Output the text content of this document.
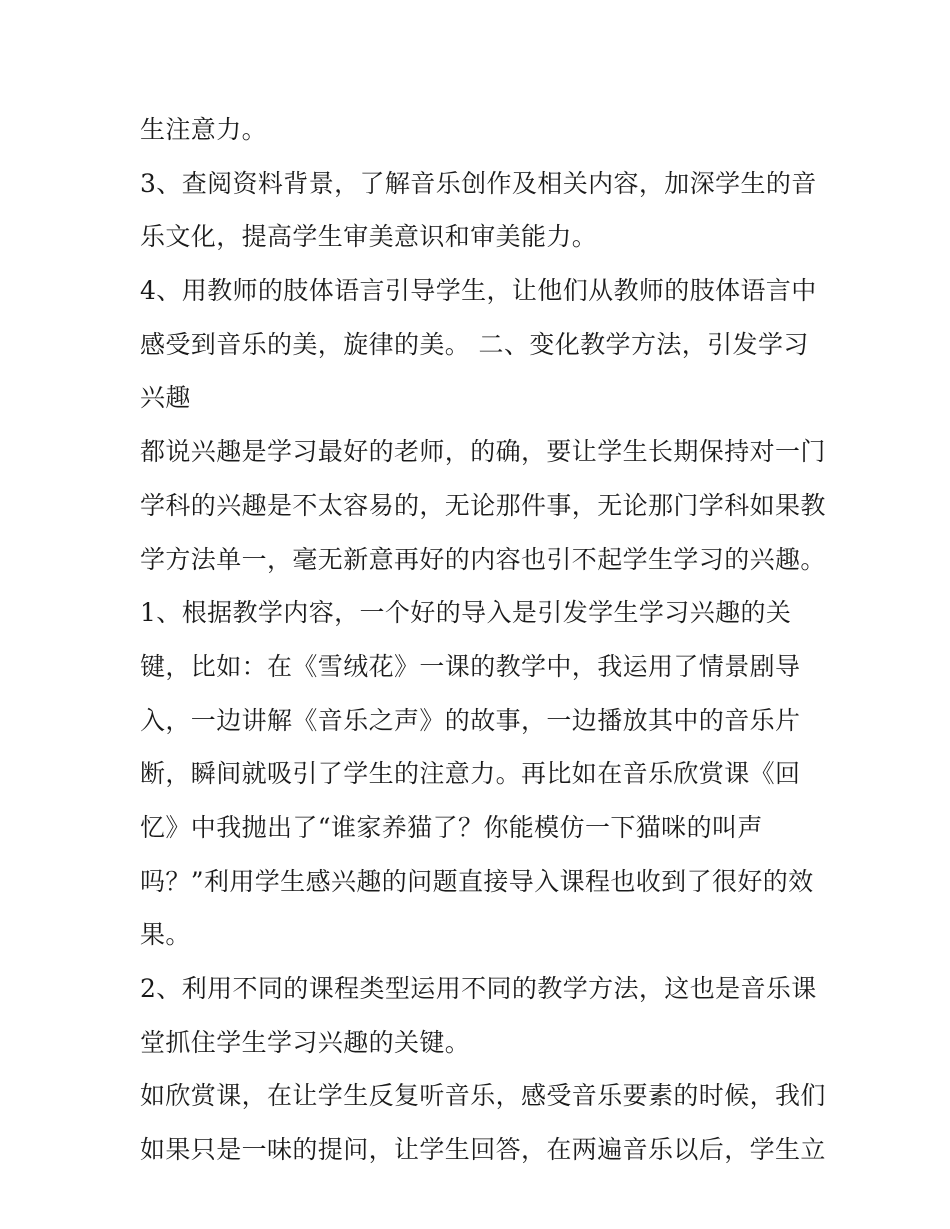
生注意力。
3、查阅资料背景，了解音乐创作及相关内容，加深学生的音
乐文化，提高学生审美意识和审美能力。
4、用教师的肢体语言引导学生，让他们从教师的肢体语言中
感受到音乐的美，旋律的美。 二、变化教学方法，引发学习
兴趣
都说兴趣是学习最好的老师，的确，要让学生长期保持对一门
学科的兴趣是不太容易的，无论那件事，无论那门学科如果教
学方法单一，毫无新意再好的内容也引不起学生学习的兴趣。
1、根据教学内容，一个好的导入是引发学生学习兴趣的关
键，比如：在《雪绒花》一课的教学中，我运用了情景剧导
入，一边讲解《音乐之声》的故事，一边播放其中的音乐片
断，瞬间就吸引了学生的注意力。再比如在音乐欣赏课《回
忆》中我抛出了“谁家养猫了？你能模仿一下猫咪的叫声
吗？”利用学生感兴趣的问题直接导入课程也收到了很好的效
果。
2、利用不同的课程类型运用不同的教学方法，这也是音乐课
堂抓住学生学习兴趣的关键。
如欣赏课，在让学生反复听音乐，感受音乐要素的时候，我们
如果只是一味的提问，让学生回答，在两遍音乐以后，学生立
